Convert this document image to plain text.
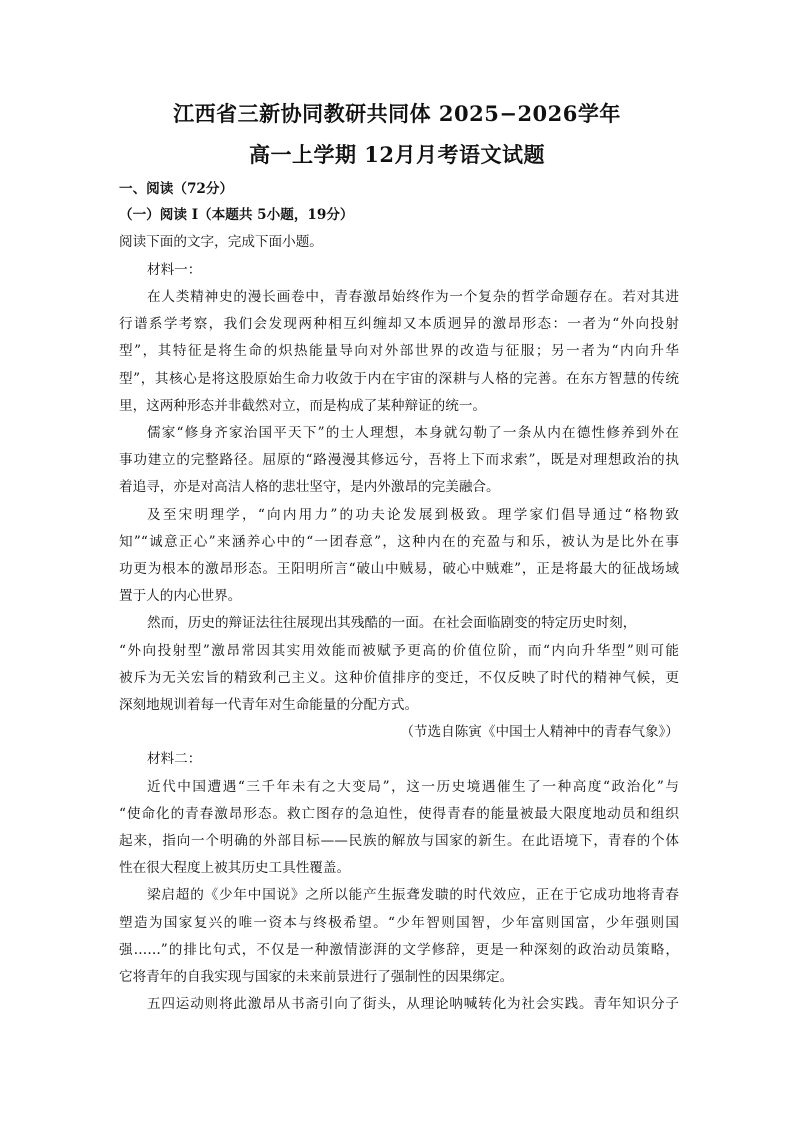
江西省三新协同教研共同体 2025−2026学年
高一上学期 12月月考语文试题
一、阅读（72分）
（一）阅读 I（本题共 5小题，19分）
阅读下面的文字，完成下面小题。
材料一：
在人类精神史的漫长画卷中，青春激昂始终作为一个复杂的哲学命题存在。若对其进
行谱系学考察，我们会发现两种相互纠缠却又本质迥异的激昂形态：一者为“外向投射
型”，其特征是将生命的炽热能量导向对外部世界的改造与征服；另一者为“内向升华
型”，其核心是将这股原始生命力收敛于内在宇宙的深耕与人格的完善。在东方智慧的传统
里，这两种形态并非截然对立，而是构成了某种辩证的统一。
儒家“修身齐家治国平天下”的士人理想，本身就勾勒了一条从内在德性修养到外在
事功建立的完整路径。屈原的“路漫漫其修远兮，吾将上下而求索”，既是对理想政治的执
着追寻，亦是对高洁人格的悲壮坚守，是内外激昂的完美融合。
及至宋明理学，“向内用力”的功夫论发展到极致。理学家们倡导通过“格物致
知”“诚意正心”来涵养心中的“一团春意”，这种内在的充盈与和乐，被认为是比外在事
功更为根本的激昂形态。王阳明所言“破山中贼易，破心中贼难”，正是将最大的征战场域
置于人的内心世界。
然而，历史的辩证法往往展现出其残酷的一面。在社会面临剧变的特定历史时刻，
“外向投射型”激昂常因其实用效能而被赋予更高的价值位阶，而“内向升华型”则可能
被斥为无关宏旨的精致利己主义。这种价值排序的变迁，不仅反映了时代的精神气候，更
深刻地规训着每一代青年对生命能量的分配方式。
（节选自陈寅《中国士人精神中的青春气象》）
材料二：
近代中国遭遇“三千年未有之大变局”，这一历史境遇催生了一种高度“政治化”与
“使命化的青春激昂形态。救亡图存的急迫性，使得青春的能量被最大限度地动员和组织
起来，指向一个明确的外部目标——民族的解放与国家的新生。在此语境下，青春的个体
性在很大程度上被其历史工具性覆盖。
梁启超的《少年中国说》之所以能产生振聋发聩的时代效应，正在于它成功地将青春
塑造为国家复兴的唯一资本与终极希望。“少年智则国智，少年富则国富，少年强则国
强……”的排比句式，不仅是一种激情澎湃的文学修辞，更是一种深刻的政治动员策略，
它将青年的自我实现与国家的未来前景进行了强制性的因果绑定。
五四运动则将此激昂从书斋引向了街头，从理论呐喊转化为社会实践。青年知识分子
